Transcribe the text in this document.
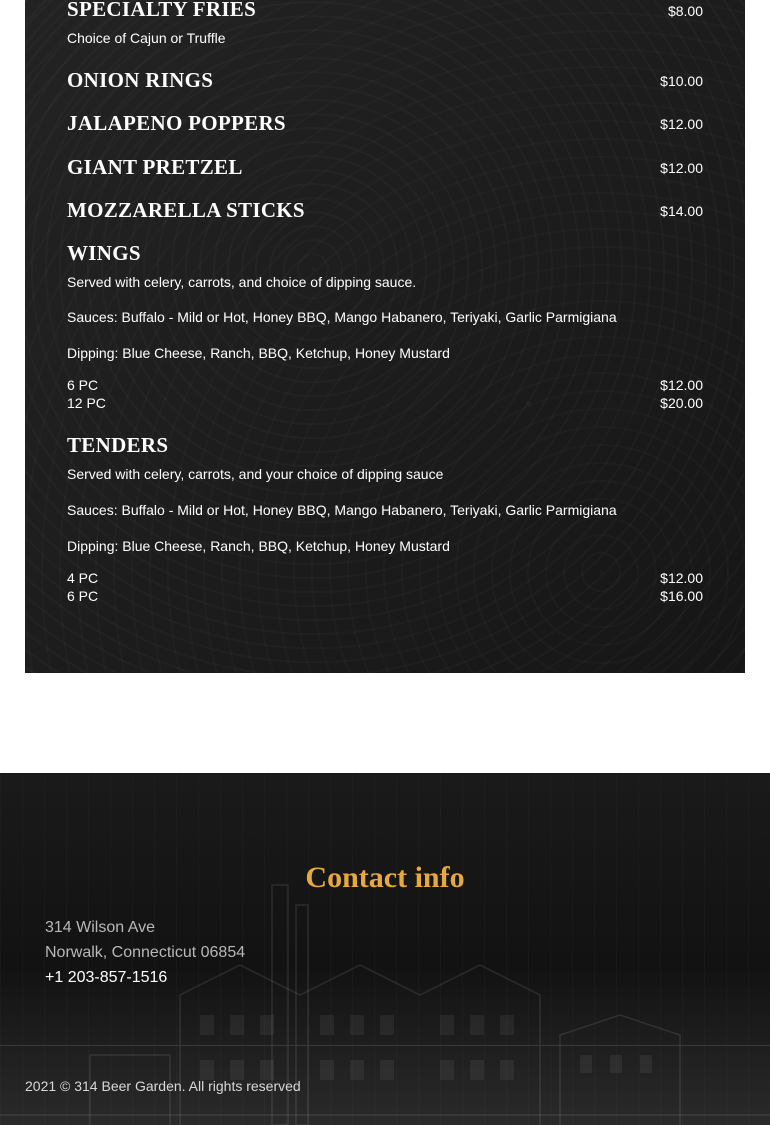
SPECIALTY FRIES	$8.00
Choice of Cajun or Truffle
ONION RINGS	$10.00
JALAPENO POPPERS	$12.00
GIANT PRETZEL	$12.00
MOZZARELLA STICKS	$14.00
WINGS
Served with celery, carrots, and choice of dipping sauce.
Sauces: Buffalo - Mild or Hot, Honey BBQ, Mango Habanero, Teriyaki, Garlic Parmigiana
Dipping: Blue Cheese, Ranch, BBQ, Ketchup, Honey Mustard
6 PC	$12.00
12 PC	$20.00
TENDERS
Served with celery, carrots, and your choice of dipping sauce
Sauces: Buffalo - Mild or Hot, Honey BBQ, Mango Habanero, Teriyaki, Garlic Parmigiana
Dipping: Blue Cheese, Ranch, BBQ, Ketchup, Honey Mustard
4 PC	$12.00
6 PC	$16.00
Contact info
314 Wilson Ave
Norwalk, Connecticut 06854
+1 203-857-1516
2021 © 314 Beer Garden. All rights reserved
